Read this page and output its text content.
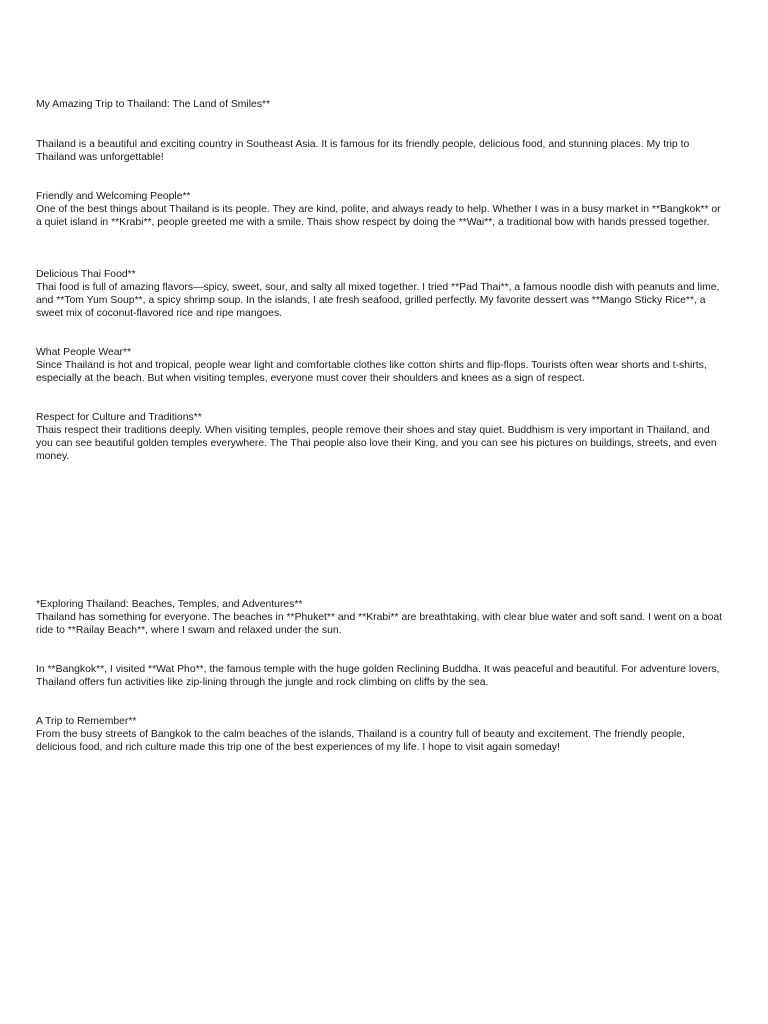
My Amazing Trip to Thailand: The Land of Smiles**

Thailand is a beautiful and exciting country in Southeast Asia. It is famous for its friendly people, delicious food, and stunning places. My trip to Thailand was unforgettable!

Friendly and Welcoming People**

One of the best things about Thailand is its people. They are kind, polite, and always ready to help. Whether I was in a busy market in **Bangkok** or a quiet island in **Krabi**, people greeted me with a smile. Thais show respect by doing the **Wai**, a traditional bow with hands pressed together.

Delicious Thai Food**

Thai food is full of amazing flavors—spicy, sweet, sour, and salty all mixed together. I tried **Pad Thai**, a famous noodle dish with peanuts and lime, and **Tom Yum Soup**, a spicy shrimp soup. In the islands, I ate fresh seafood, grilled perfectly. My favorite dessert was **Mango Sticky Rice**, a sweet mix of coconut-flavored rice and ripe mangoes.

What People Wear**

Since Thailand is hot and tropical, people wear light and comfortable clothes like cotton shirts and flip-flops. Tourists often wear shorts and t-shirts, especially at the beach. But when visiting temples, everyone must cover their shoulders and knees as a sign of respect.

Respect for Culture and Traditions**

Thais respect their traditions deeply. When visiting temples, people remove their shoes and stay quiet. Buddhism is very important in Thailand, and you can see beautiful golden temples everywhere. The Thai people also love their King, and you can see his pictures on buildings, streets, and even money.

*Exploring Thailand: Beaches, Temples, and Adventures**

Thailand has something for everyone. The beaches in **Phuket** and **Krabi** are breathtaking, with clear blue water and soft sand. I went on a boat ride to **Railay Beach**, where I swam and relaxed under the sun.

In **Bangkok**, I visited **Wat Pho**, the famous temple with the huge golden Reclining Buddha. It was peaceful and beautiful. For adventure lovers, Thailand offers fun activities like zip-lining through the jungle and rock climbing on cliffs by the sea.

A Trip to Remember**

From the busy streets of Bangkok to the calm beaches of the islands, Thailand is a country full of beauty and excitement. The friendly people, delicious food, and rich culture made this trip one of the best experiences of my life. I hope to visit again someday!
